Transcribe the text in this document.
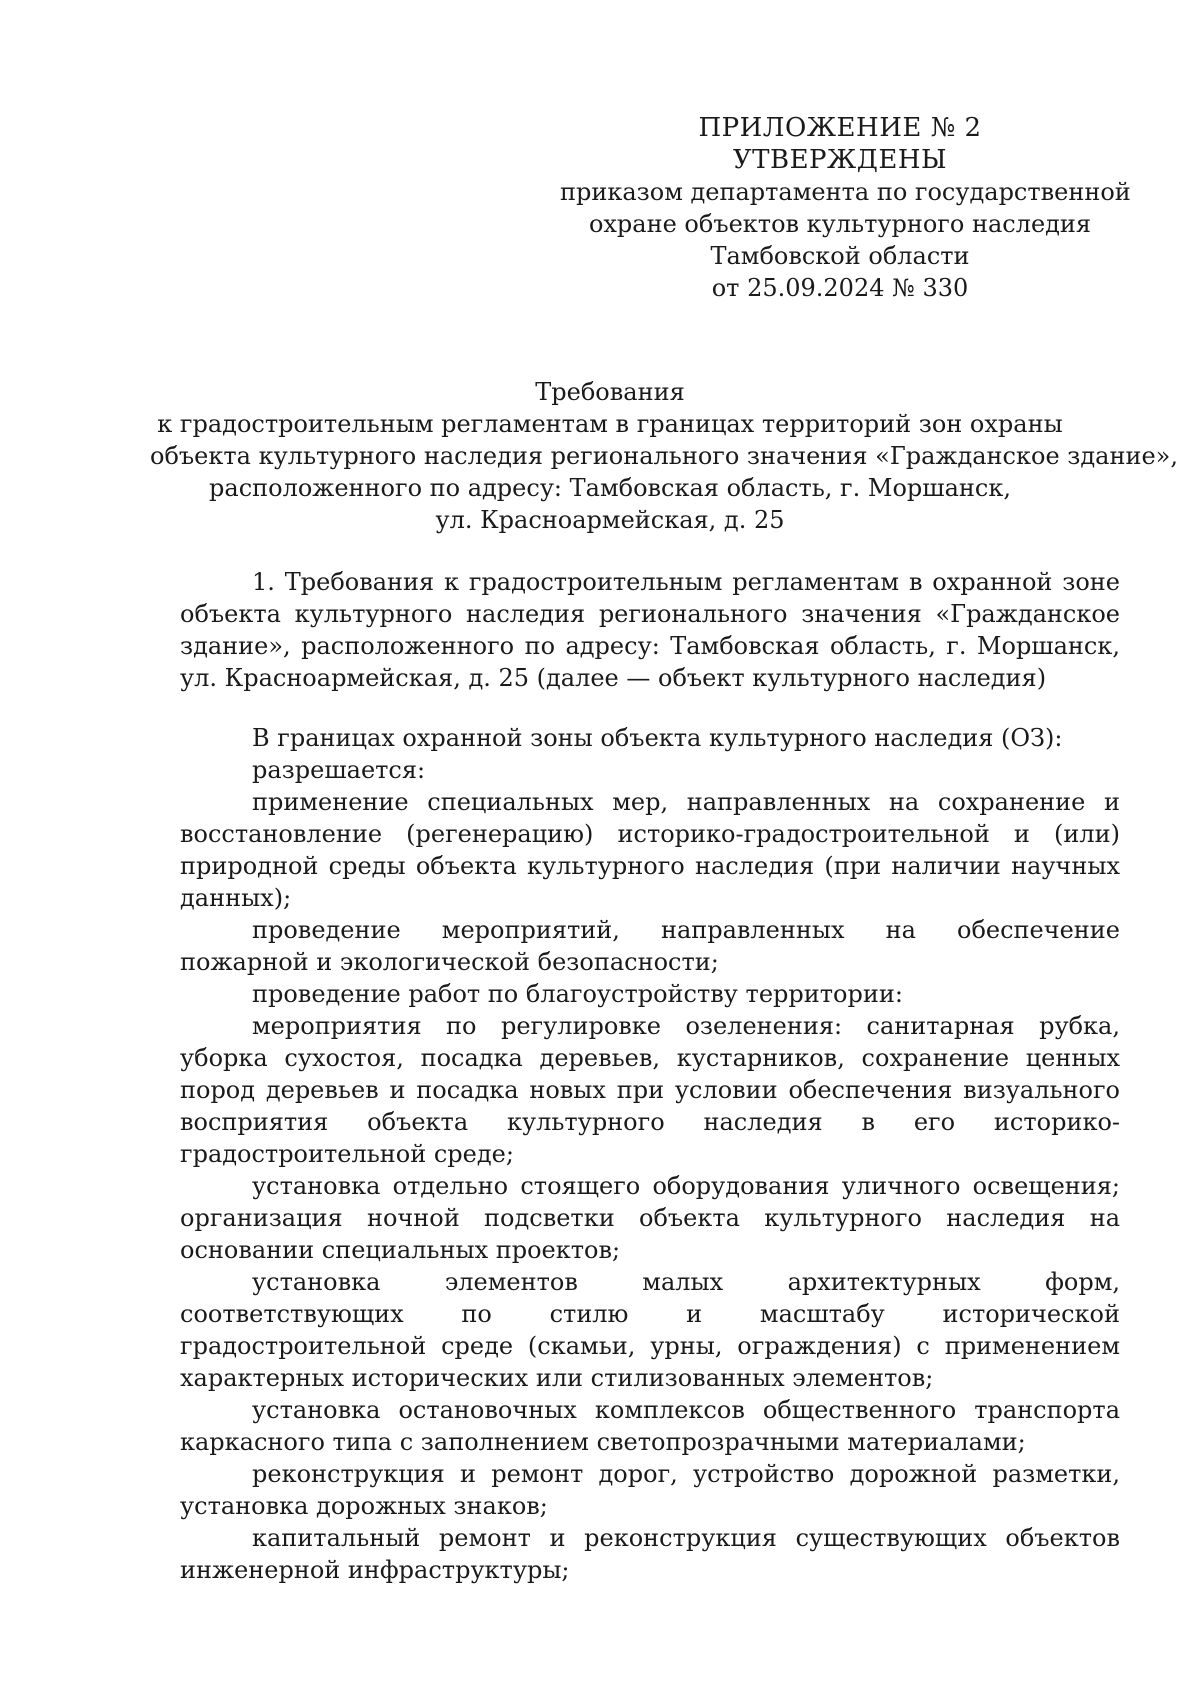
ПРИЛОЖЕНИЕ № 2
УТВЕРЖДЕНЫ
приказом департамента по государственной
охране объектов культурного наследия
Тамбовской области
от 25.09.2024 № 330
Требования
к градостроительным регламентам в границах территорий зон охраны
объекта культурного наследия регионального значения «Гражданское здание»,
расположенного по адресу: Тамбовская область, г. Моршанск,
ул. Красноармейская, д. 25

1. Требования к градостроительным регламентам в охранной зоне объекта культурного наследия регионального значения «Гражданское здание», расположенного по адресу: Тамбовская область, г. Моршанск, ул. Красноармейская, д. 25 (далее — объект культурного наследия)

В границах охранной зоны объекта культурного наследия (ОЗ):

разрешается:

применение специальных мер, направленных на сохранение и восстановление (регенерацию) историко-градостроительной и (или) природной среды объекта культурного наследия (при наличии научных данных);

проведение мероприятий, направленных на обеспечение пожарной и экологической безопасности;

проведение работ по благоустройству территории:

мероприятия по регулировке озеленения: санитарная рубка, уборка сухостоя, посадка деревьев, кустарников, сохранение ценных пород деревьев и посадка новых при условии обеспечения визуального восприятия объекта культурного наследия в его историко-градостроительной среде;

установка отдельно стоящего оборудования уличного освещения; организация ночной подсветки объекта культурного наследия на основании специальных проектов;

установка элементов малых архитектурных форм, соответствующих по стилю и масштабу исторической градостроительной среде (скамьи, урны, ограждения) с применением характерных исторических или стилизованных элементов;

установка остановочных комплексов общественного транспорта каркасного типа с заполнением светопрозрачными материалами;

реконструкция и ремонт дорог, устройство дорожной разметки, установка дорожных знаков;

капитальный ремонт и реконструкция существующих объектов инженерной инфраструктуры;
